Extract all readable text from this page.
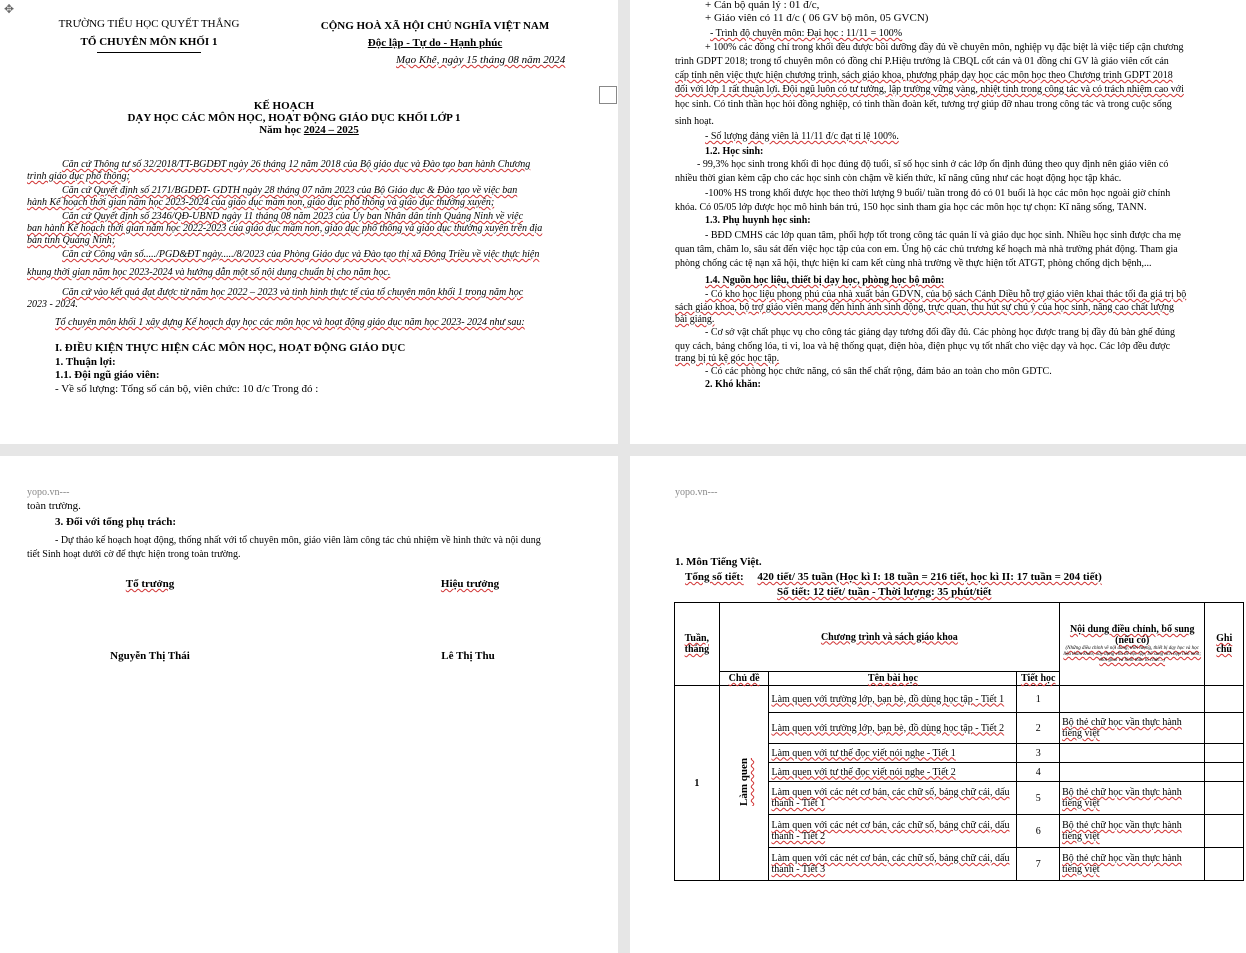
✥
TRƯỜNG TIỂU HỌC QUYẾT THẮNG
TỔ CHUYÊN MÔN KHỐI 1
CỘNG HOÀ XÃ HỘI CHỦ NGHĨA VIỆT NAM
Độc lập - Tự do - Hạnh phúc
Mạo Khê, ngày 15 tháng 08 năm 2024
KẾ HOẠCH
DẠY HỌC CÁC MÔN HỌC, HOẠT ĐỘNG GIÁO DỤC KHỐI LỚP 1
Năm học 2024 – 2025
Căn cứ Thông tư số 32/2018/TT-BGDĐT ngày 26 tháng 12 năm 2018 của Bộ giáo dục và Đào tạo ban hành Chương
trình giáo dục phổ thông;
Căn cứ Quyết định số 2171/BGDĐT- GDTH ngày 28 tháng 07 năm 2023 của Bộ Giáo dục & Đào tạo về việc ban
hành Kế hoạch thời gian năm học 2023-2024 của giáo dục mầm non, giáo dục phổ thông và giáo dục thường xuyên;
Căn cứ Quyết định số 2346/QĐ-UBND ngày 11 tháng 08 năm 2023 của Ủy ban Nhân dân tỉnh Quảng Ninh về việc
ban hành Kế hoạch thời gian năm học 2022-2023 của giáo dục mầm non, giáo dục phổ thông và giáo dục thường xuyên trên địa
bàn tỉnh Quảng Ninh;
Căn cứ Công văn số...../PGD&ĐT ngày...../8/2023 của Phòng Giáo dục và Đào tạo thị xã Đông Triều về việc thực hiện
khung thời gian năm học 2023-2024 và hướng dẫn một số nội dung chuẩn bị cho năm học.
Căn cứ vào kết quả đạt được từ năm học 2022 – 2023 và tình hình thực tế của tổ chuyên môn khối 1 trong năm học
2023 - 2024.
Tổ chuyên môn khối 1 xây dựng Kế hoạch dạy học các môn học và hoạt động giáo dục năm học 2023- 2024 như sau:
I. ĐIỀU KIỆN THỰC HIỆN CÁC MÔN HỌC, HOẠT ĐỘNG GIÁO DỤC
1. Thuận lợi:
1.1. Đội ngũ giáo viên:
- Về số lượng: Tổng số cán bộ, viên chức: 10 đ/c Trong đó :
+ Cán bộ quản lý : 01 đ/c,
+ Giáo viên có 11 đ/c ( 06 GV bộ môn, 05 GVCN)
- Trình độ chuyên môn: Đại học : 11/11 = 100%
+ 100% các đồng chí trong khối đều được bồi dưỡng đầy đủ về chuyên môn, nghiệp vụ đặc biệt là việc tiếp cận chương
trình GDPT 2018; trong tổ chuyên môn có đồng chí P.Hiệu trưởng là CBQL cốt cán và 01 đồng chí GV là giáo viên cốt cán
cấp tỉnh nên việc thực hiện chương trình, sách giáo khoa, phương pháp dạy học các môn học theo Chương trình GDPT 2018
đối với lớp 1 rất thuận lợi. Đội ngũ luôn có tư tưởng, lập trường vững vàng, nhiệt tình trong công tác và có trách nhiệm cao với
học sinh. Có tinh thần học hỏi đồng nghiệp, có tinh thần đoàn kết, tương trợ giúp đỡ nhau trong công tác và trong cuộc sống
sinh hoạt.
- Số lượng đảng viên là 11/11 đ/c đạt tỉ lệ 100%.
1.2. Học sinh:
- 99,3% học sinh trong khối đi học đúng độ tuổi, sĩ số học sinh ở các lớp ổn định đúng theo quy định nên giáo viên có
nhiều thời gian kèm cặp cho các học sinh còn chậm về kiến thức, kĩ năng cũng như các hoạt động học tập khác.
-100% HS trong khối được học theo thời lượng 9 buổi/ tuần trong đó có 01 buổi là học các môn học ngoài giờ chính
khóa. Có 05/05 lớp được học mô hình bán trú, 150 học sinh tham gia học các môn học tự chọn: Kĩ năng sống, TANN.
1.3. Phụ huynh học sinh:
- BĐD CMHS các lớp quan tâm, phối hợp tốt trong công tác quản lí và giáo dục học sinh. Nhiều học sinh được cha mẹ
quan tâm, chăm lo, sâu sát đến việc học tập của con em. Ủng hộ các chủ trương kế hoạch mà nhà trường phát động. Tham gia
phòng chống các tệ nạn xã hội, thực hiện kí cam kết cùng nhà trường về thực hiện tốt ATGT, phòng chống dịch bệnh,...
1.4. Nguồn học liệu, thiết bị dạy học, phòng học bộ môn:
- Có kho học liệu phong phú của nhà xuất bản GDVN, của bộ sách Cánh Diều hỗ trợ giáo viên khai thác tối đa giá trị bộ
sách giáo khoa, bộ trợ giáo viên mang đến hình ảnh sinh động, trực quan, thu hút sự chú ý của học sinh, nâng cao chất lượng
bài giảng.
- Cơ sở vật chất phục vụ cho công tác giảng dạy tương đối đầy đủ. Các phòng học được trang bị đầy đủ bàn ghế đúng
quy cách, bảng chống lóa, ti vi, loa và hệ thống quạt, điện hòa, điện phục vụ tốt nhất cho việc dạy và học. Các lớp đều được
trang bị tủ kệ góc học tập.
- Có các phòng học chức năng, có sân thể chất rộng, đảm bảo an toàn cho môn GDTC.
2. Khó khăn:
yopo.vn---
toàn trường.
3. Đối với tổng phụ trách:
- Dự thảo kế hoạch hoạt động, thống nhất với tổ chuyên môn, giáo viên làm công tác chủ nhiệm về hình thức và nội dung
tiết Sinh hoạt dưới cờ để thực hiện trong toàn trường.
Tổ trưởng	Hiệu trưởng
Nguyễn Thị Thái	Lê Thị Thu
yopo.vn---
1. Môn Tiếng Việt.
Tổng số tiết: 420 tiết/ 35 tuần (Học kì I: 18 tuần = 216 tiết, học kì II: 17 tuần = 204 tiết)
Số tiết: 12 tiết/ tuần - Thời lượng: 35 phút/tiết
Tuần, tháng	Chương trình và sách giáo khoa			Nội dung điều chỉnh, bổ sung (nếu có)
(Những điều chỉnh về nội dung, thời lượng, thiết bị dạy học và học liệu tham khảo; xây dựng chủ đề học tập, bổ sung tích hợp liên môn; thời gian và hình thức tổ chức...)	Ghi chú
	Chủ đề	Tên bài học	Tiết học		
1	Làm quen	Làm quen với trường lớp, bạn bè, đồ dùng học tập - Tiết 1	1		
		Làm quen với trường lớp, bạn bè, đồ dùng học tập - Tiết 2	2	Bộ thẻ chữ học vần thực hành tiếng việt	
		Làm quen với tư thế đọc viết nói nghe - Tiết 1	3		
		Làm quen với tư thế đọc viết nói nghe - Tiết 2	4		
		Làm quen với các nét cơ bản, các chữ số, bảng chữ cái, dấu thanh - Tiết 1	5	Bộ thẻ chữ học vần thực hành tiếng việt	
		Làm quen với các nét cơ bản, các chữ số, bảng chữ cái, dấu thanh - Tiết 2	6	Bộ thẻ chữ học vần thực hành tiếng việt	
		Làm quen với các nét cơ bản, các chữ số, bảng chữ cái, dấu thanh - Tiết 3	7	Bộ thẻ chữ học vần thực hành tiếng việt	
